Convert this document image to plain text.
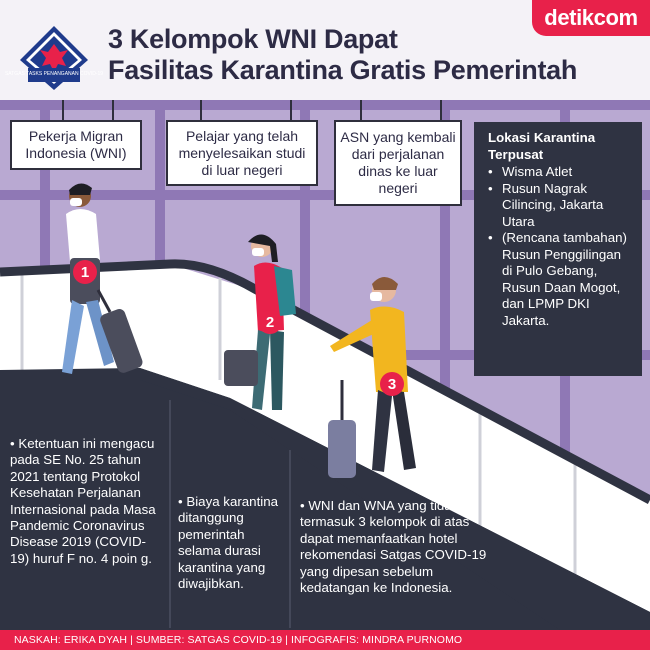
SATGAS TASKS PENANGANAN COVID-19
3 Kelompok WNI Dapat
Fasilitas Karantina Gratis Pemerintah
detikcom
Pekerja Migran Indonesia (WNI)
Pelajar yang telah menyelesaikan studi di luar negeri
ASN yang kembali dari perjalanan dinas ke luar negeri
1
2
3
Lokasi Karantina Terpusat
• Wisma Atlet
• Rusun Nagrak Cilincing, Jakarta Utara
• (Rencana tambahan) Rusun Penggilingan di Pulo Gebang, Rusun Daan Mogot, dan LPMP DKI Jakarta.
• Ketentuan ini mengacu pada SE No. 25 tahun 2021 tentang Protokol Kesehatan Perjalanan Internasional pada Masa Pandemic Coronavirus Disease 2019 (COVID-19) huruf F no. 4 poin g.
• Biaya karantina ditanggung pemerintah selama durasi karantina yang diwajibkan.
• WNI dan WNA yang tidak termasuk 3 kelompok di atas dapat memanfaatkan hotel rekomendasi Satgas COVID-19 yang dipesan sebelum kedatangan ke Indonesia.
NASKAH: ERIKA DYAH | SUMBER: SATGAS COVID-19 | INFOGRAFIS: MINDRA PURNOMO
